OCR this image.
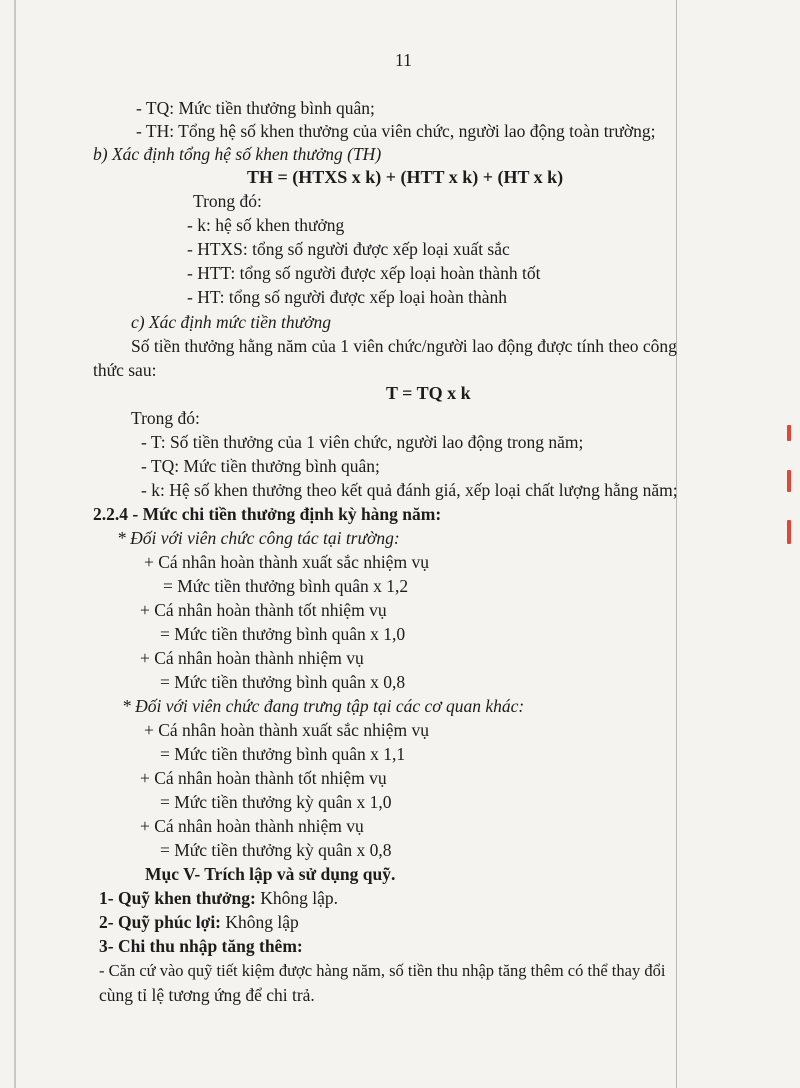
11
- TQ: Mức tiền thưởng bình quân;
- TH: Tổng hệ số khen thưởng của viên chức, người lao động toàn trường;
b) Xác định tổng hệ số khen thưởng (TH)
TH = (HTXS x k) + (HTT x k) + (HT x k)
Trong đó:
- k: hệ số khen thưởng
- HTXS: tổng số người được xếp loại xuất sắc
- HTT: tổng số người được xếp loại hoàn thành tốt
- HT: tổng số người được xếp loại hoàn thành
c) Xác định mức tiền thưởng
Số tiền thưởng hằng năm của 1 viên chức/người lao động được tính theo công
thức sau:
T = TQ x k
Trong đó:
- T: Số tiền thưởng của 1 viên chức, người lao động trong năm;
- TQ: Mức tiền thưởng bình quân;
- k: Hệ số khen thưởng theo kết quả đánh giá, xếp loại chất lượng hằng năm;
2.2.4 - Mức chi tiền thưởng định kỳ hàng năm:
* Đối với viên chức công tác tại trường:
+ Cá nhân hoàn thành xuất sắc nhiệm vụ
= Mức tiền thưởng bình quân x 1,2
+ Cá nhân hoàn thành tốt nhiệm vụ
= Mức tiền thưởng bình quân x 1,0
+ Cá nhân hoàn thành nhiệm vụ
= Mức tiền thưởng bình quân x 0,8
* Đối với viên chức đang trưng tập tại các cơ quan khác:
+ Cá nhân hoàn thành xuất sắc nhiệm vụ
= Mức tiền thưởng bình quân x 1,1
+ Cá nhân hoàn thành tốt nhiệm vụ
= Mức tiền thưởng kỳ quân x 1,0
+ Cá nhân hoàn thành nhiệm vụ
= Mức tiền thưởng kỳ quân x 0,8
Mục V- Trích lập và sử dụng quỹ.
1- Quỹ khen thưởng: Không lập.
2- Quỹ phúc lợi: Không lập
3- Chi thu nhập tăng thêm:
- Căn cứ vào quỹ tiết kiệm được hàng năm, số tiền thu nhập tăng thêm có thể thay đổi
cùng tỉ lệ tương ứng để chi trả.
